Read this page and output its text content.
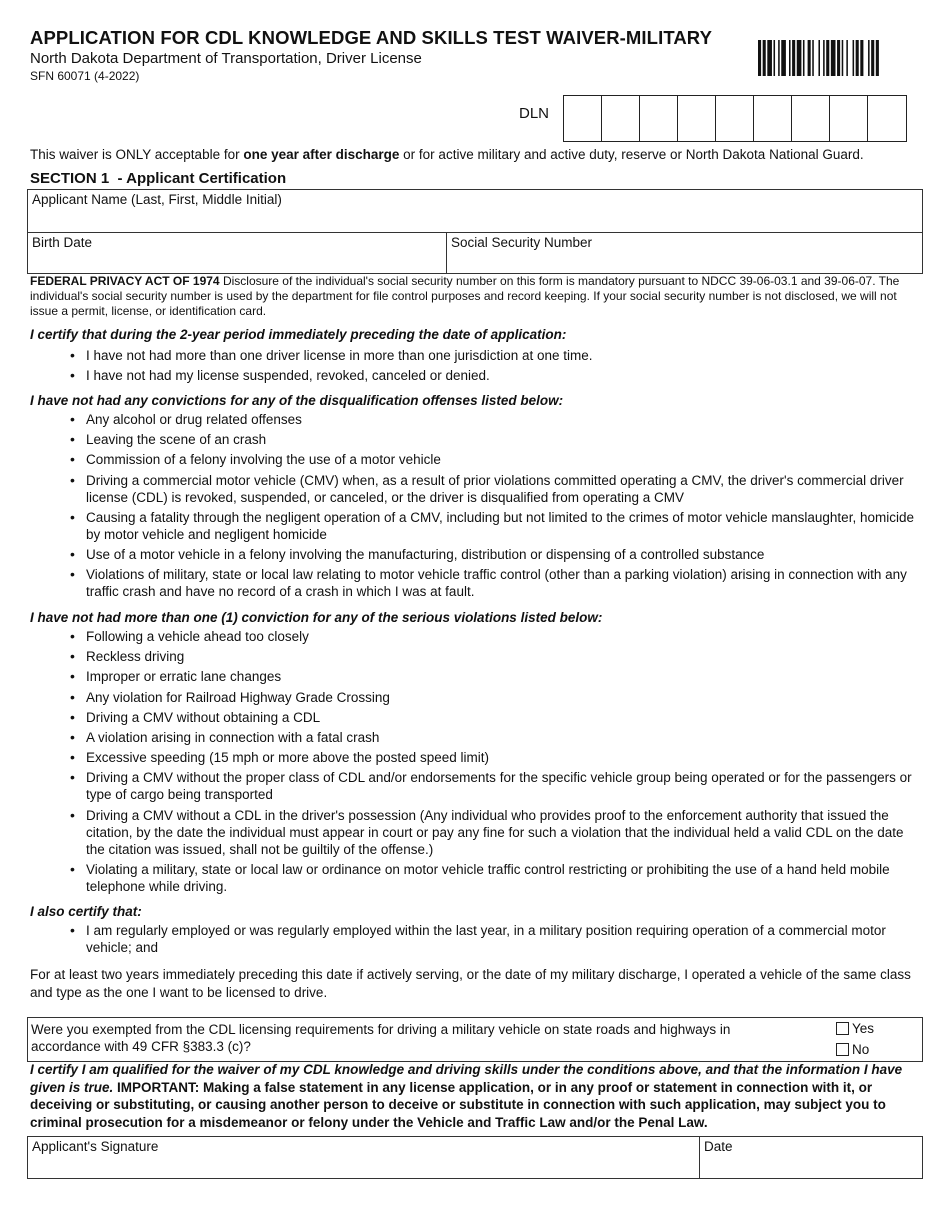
APPLICATION FOR CDL KNOWLEDGE AND SKILLS TEST WAIVER-MILITARY
North Dakota Department of Transportation, Driver License
SFN 60071 (4-2022)
DLN
This waiver is ONLY acceptable for one year after discharge or for active military and active duty, reserve or North Dakota National Guard.
SECTION 1  - Applicant Certification
Applicant Name (Last, First, Middle Initial)
Birth Date	Social Security Number
FEDERAL PRIVACY ACT OF 1974 Disclosure of the individual's social security number on this form is mandatory pursuant to NDCC 39-06-03.1 and 39-06-07. The individual's social security number is used by the department for file control purposes and record keeping. If your social security number is not disclosed, we will not issue a permit, license, or identification card.
I certify that during the 2-year period immediately preceding the date of application:
• I have not had more than one driver license in more than one jurisdiction at one time.
• I have not had my license suspended, revoked, canceled or denied.
I have not had any convictions for any of the disqualification offenses listed below:
• Any alcohol or drug related offenses
• Leaving the scene of an crash
• Commission of a felony involving the use of a motor vehicle
• Driving a commercial motor vehicle (CMV) when, as a result of prior violations committed operating a CMV, the driver's commercial driver license (CDL) is revoked, suspended, or canceled, or the driver is disqualified from operating a CMV
• Causing a fatality through the negligent operation of a CMV, including but not limited to the crimes of motor vehicle manslaughter, homicide by motor vehicle and negligent homicide
• Use of a motor vehicle in a felony involving the manufacturing, distribution or dispensing of a controlled substance
• Violations of military, state or local law relating to motor vehicle traffic control (other than a parking violation) arising in connection with any traffic crash and have no record of a crash in which I was at fault.
I have not had more than one (1) conviction for any of the serious violations listed below:
• Following a vehicle ahead too closely
• Reckless driving
• Improper or erratic lane changes
• Any violation for Railroad Highway Grade Crossing
• Driving a CMV without obtaining a CDL
• A violation arising in connection with a fatal crash
• Excessive speeding (15 mph or more above the posted speed limit)
• Driving a CMV without the proper class of CDL and/or endorsements for the specific vehicle group being operated or for the passengers or type of cargo being transported
• Driving a CMV without a CDL in the driver's possession (Any individual who provides proof to the enforcement authority that issued the citation, by the date the individual must appear in court or pay any fine for such a violation that the individual held a valid CDL on the date the citation was issued, shall not be guiltily of the offense.)
• Violating a military, state or local law or ordinance on motor vehicle traffic control restricting or prohibiting the use of a hand held mobile telephone while driving.
I also certify that:
• I am regularly employed or was regularly employed within the last year, in a military position requiring operation of a commercial motor vehicle; and
For at least two years immediately preceding this date if actively serving, or the date of my military discharge, I operated a vehicle of the same class and type as the one I want to be licensed to drive.
Were you exempted from the CDL licensing requirements for driving a military vehicle on state roads and highways in accordance with 49 CFR §383.3 (c)?
Yes
No
I certify I am qualified for the waiver of my CDL knowledge and driving skills under the conditions above, and that the information I have given is true. IMPORTANT: Making a false statement in any license application, or in any proof or statement in connection with it, or deceiving or substituting, or causing another person to deceive or substitute in connection with such application, may subject you to criminal prosecution for a misdemeanor or felony under the Vehicle and Traffic Law and/or the Penal Law.
Applicant's Signature	Date
